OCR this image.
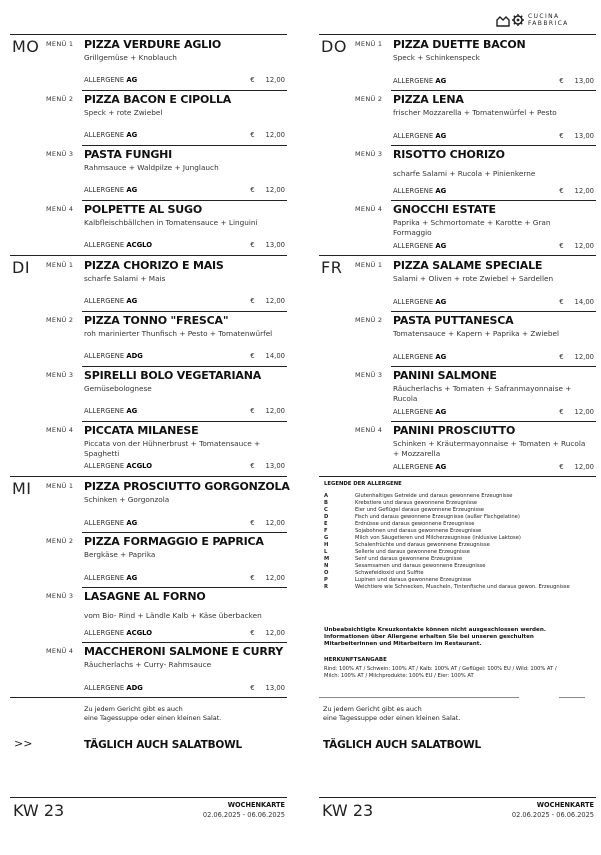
CUCINA
FABBRICA
MO MENÜ 1 PIZZA VERDURE AGLIO
Grillgemüse + Knoblauch
ALLERGENE AG	€ 12,00
MENÜ 2 PIZZA BACON E CIPOLLA
Speck + rote Zwiebel
ALLERGENE AG	€ 12,00
MENÜ 3 PASTA FUNGHI
Rahmsauce + Waldpilze + Junglauch
ALLERGENE AG	€ 12,00
MENÜ 4 POLPETTE AL SUGO
Kalbfleischbällchen in Tomatensauce + Linguini
ALLERGENE ACGLO	€ 13,00
DI MENÜ 1 PIZZA CHORIZO E MAIS
scharfe Salami + Mais
ALLERGENE AG	€ 12,00
MENÜ 2 PIZZA TONNO "FRESCA"
roh marinierter Thunfisch + Pesto + Tomatenwürfel
ALLERGENE ADG	€ 14,00
MENÜ 3 SPIRELLI BOLO VEGETARIANA
Gemüsebolognese
ALLERGENE AG	€ 12,00
MENÜ 4 PICCATA MILANESE
Piccata von der Hühnerbrust + Tomatensauce + Spaghetti
ALLERGENE ACGLO	€ 13,00
MI MENÜ 1 PIZZA PROSCIUTTO GORGONZOLA
Schinken + Gorgonzola
ALLERGENE AG	€ 12,00
MENÜ 2 PIZZA FORMAGGIO E PAPRICA
Bergkäse + Paprika
ALLERGENE AG	€ 12,00
MENÜ 3 LASAGNE AL FORNO
vom Bio- Rind + Ländle Kalb + Käse überbacken
ALLERGENE ACGLO	€ 12,00
MENÜ 4 MACCHERONI SALMONE E CURRY
Räucherlachs + Curry- Rahmsauce
ALLERGENE ADG	€ 13,00
Zu jedem Gericht gibt es auch
eine Tagessuppe oder einen kleinen Salat.
>>	TÄGLICH AUCH SALATBOWL
KW 23	WOCHENKARTE
02.06.2025 - 06.06.2025
DO MENÜ 1 PIZZA DUETTE BACON
Speck + Schinkenspeck
ALLERGENE AG	€ 13,00
MENÜ 2 PIZZA LENA
frischer Mozzarella + Tomatenwürfel + Pesto
ALLERGENE AG	€ 13,00
MENÜ 3 RISOTTO CHORIZO
scharfe Salami + Rucola + Pinienkerne
ALLERGENE AG	€ 12,00
MENÜ 4 GNOCCHI ESTATE
Paprika + Schmortomate + Karotte + Gran Formaggio
ALLERGENE AG	€ 12,00
FR MENÜ 1 PIZZA SALAME SPECIALE
Salami + Oliven + rote Zwiebel + Sardellen
ALLERGENE AG	€ 14,00
MENÜ 2 PASTA PUTTANESCA
Tomatensauce + Kapern + Paprika + Zwiebel
ALLERGENE AG	€ 12,00
MENÜ 3 PANINI SALMONE
Räucherlachs + Tomaten + Safranmayonnaise + Rucola
ALLERGENE AG	€ 12,00
MENÜ 4 PANINI PROSCIUTTO
Schinken + Kräutermayonnaise + Tomaten + Rucola + Mozzarella
ALLERGENE AG	€ 12,00
Zu jedem Gericht gibt es auch
eine Tagessuppe oder einen kleinen Salat.
TÄGLICH AUCH SALATBOWL
KW 23	WOCHENKARTE
02.06.2025 - 06.06.2025
LEGENDE DER ALLERGENE
A	Glutenhaltiges Getreide und daraus gewonnene Erzeugnisse
B	Krebstiere und daraus gewonnene Erzeugnisse
C	Eier und Geflügel daraus gewonnene Erzeugnisse
D	Fisch und daraus gewonnene Erzeugnisse (außer Fischgelatine)
E	Erdnüsse und daraus gewonnene Erzeugnisse
F	Sojabohnen und daraus gewonnene Erzeugnisse
G	Milch von Säugetieren und Milcherzeugnisse (inklusive Laktose)
H	Schalenfrüchte und daraus gewonnene Erzeugnisse
L	Sellerie und daraus gewonnene Erzeugnisse
M	Senf und daraus gewonnene Erzeugnisse
N	Sesamsamen und daraus gewonnene Erzeugnisse
O	Schwefeldioxid und Sulfite
P	Lupinen und daraus gewonnene Erzeugnisse
R	Weichtiere wie Schnecken, Muscheln, Tintenfische und daraus gewon. Erzeugnisse
Unbeabsichtigte Kreuzkontakte können nicht ausgeschlossen werden. Informationen über Allergene erhalten Sie bei unseren geschulten Mitarbeiterinnen und Mitarbeitern im Restaurant.
HERKUNFTSANGABE
Rind: 100% AT / Schwein: 100% AT / Kalb: 100% AT / Geflügel: 100% EU / Wild: 100% AT / Milch: 100% AT / Milchprodukte: 100% EU / Eier: 100% AT
